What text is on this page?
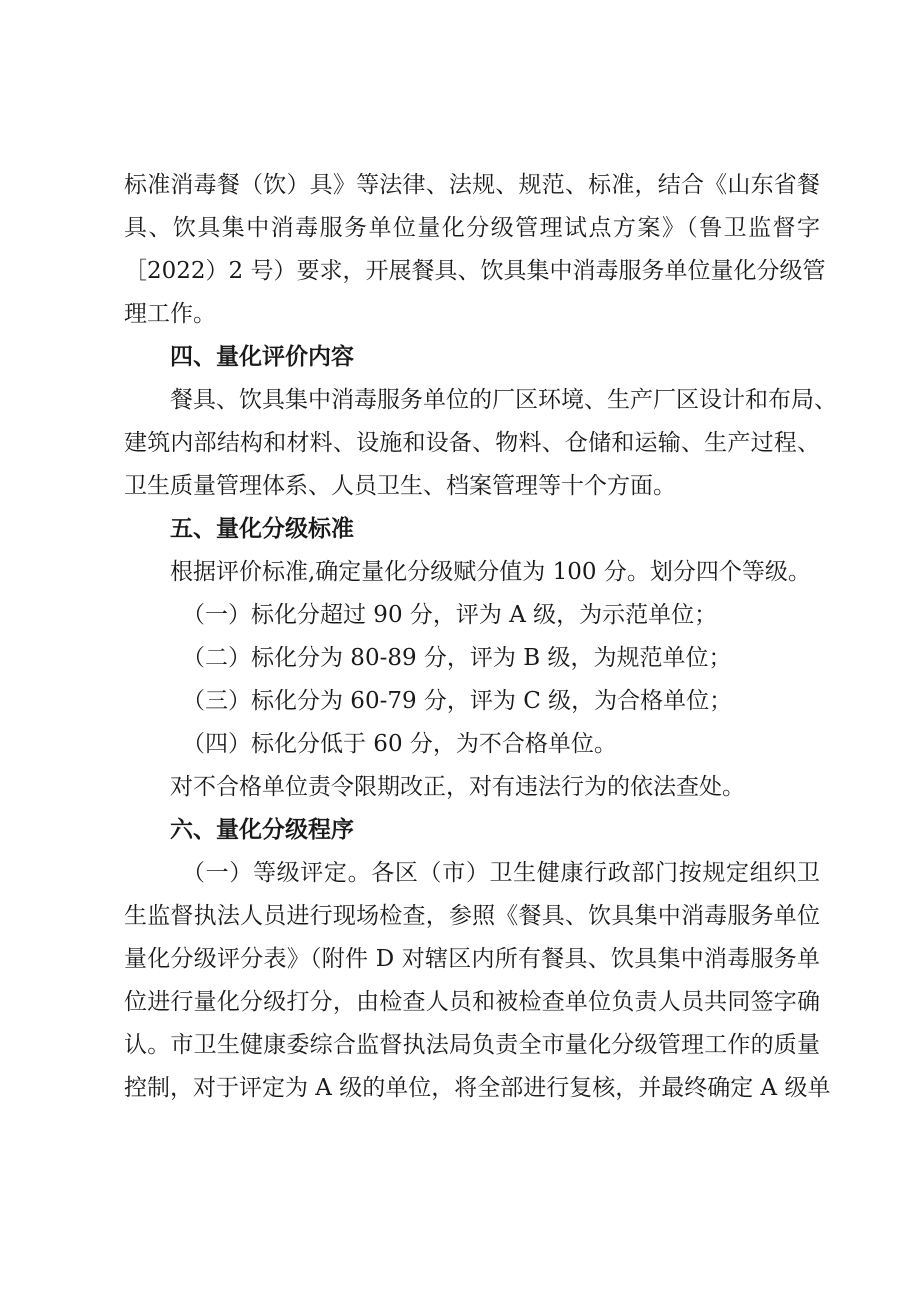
标准消毒餐（饮）具》等法律、法规、规范、标准，结合《山东省餐
具、饮具集中消毒服务单位量化分级管理试点方案》（鲁卫监督字
［2022）2 号）要求，开展餐具、饮具集中消毒服务单位量化分级管
理工作。
四、量化评价内容
餐具、饮具集中消毒服务单位的厂区环境、生产厂区设计和布局、
建筑内部结构和材料、设施和设备、物料、仓储和运输、生产过程、
卫生质量管理体系、人员卫生、档案管理等十个方面。
五、量化分级标准
根据评价标准,确定量化分级赋分值为 100 分。划分四个等级。
（一）标化分超过 90 分，评为 A 级，为示范单位；
（二）标化分为 80-89 分，评为 B 级，为规范单位；
（三）标化分为 60-79 分，评为 C 级，为合格单位；
（四）标化分低于 60 分，为不合格单位。
对不合格单位责令限期改正，对有违法行为的依法查处。
六、量化分级程序
（一）等级评定。各区（市）卫生健康行政部门按规定组织卫
生监督执法人员进行现场检查，参照《餐具、饮具集中消毒服务单位
量化分级评分表》（附件 D 对辖区内所有餐具、饮具集中消毒服务单
位进行量化分级打分，由检查人员和被检查单位负责人员共同签字确
认。市卫生健康委综合监督执法局负责全市量化分级管理工作的质量
控制，对于评定为 A 级的单位，将全部进行复核，并最终确定 A 级单
